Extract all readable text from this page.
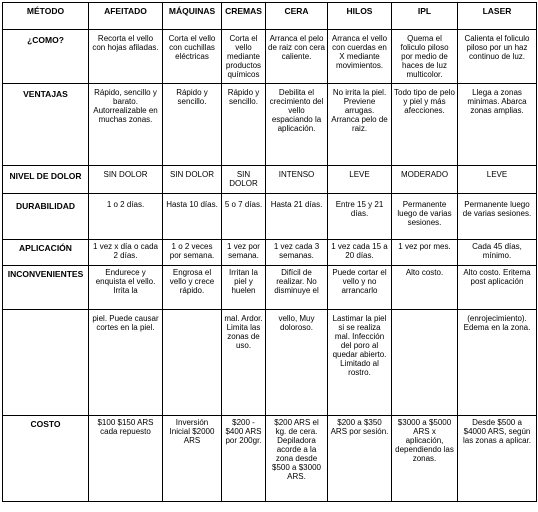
MÉTODO	AFEITADO	MÁQUINAS	CREMAS	CERA	HILOS	IPL	LASER
¿COMO?	Recorta el vello con hojas afiladas.	Corta el vello con cuchillas eléctricas	Corta el vello mediante productos químicos	Arranca el pelo de raiz con cera caliente.	Arranca el vello con cuerdas en X mediante movimientos.	Quema el foliculo piloso por medio de haces de luz multicolor.	Calienta el foliculo piloso por un haz continuo de luz.
VENTAJAS	Rápido, sencillo y barato. Autorrealizable en muchas zonas.	Rápido y sencillo.	Rápido y sencillo.	Debilita el crecimiento del vello espaciando la aplicación.	No irrita la piel. Previene arrugas. Arranca pelo de raiz.	Todo tipo de pelo y piel y más afecciones.	Llega a zonas minimas. Abarca zonas amplias.
NIVEL DE DOLOR	SIN DOLOR	SIN DOLOR	SIN DOLOR	INTENSO	LEVE	MODERADO	LEVE
DURABILIDAD	1 o 2 días.	Hasta 10 días.	5 o 7 días.	Hasta 21 días.	Entre 15 y 21 días.	Permanente luego de varias sesiones.	Permanente luego de varias sesiones.
APLICACIÓN	1 vez x día o cada 2 días.	1 o 2 veces por semana.	1 vez por semana.	1 vez cada 3 semanas.	1 vez cada 15 a 20 días.	1 vez por mes.	Cada 45 días, mínimo.
INCONVENIENTES	Endurece y enquista el vello. Irrita la	Engrosa el vello y crece rápido.	Irritan la piel y huelen	Difícil de realizar. No disminuye el	Puede cortar el vello y no arrancarlo	Alto costo.	Alto costo. Eritema post aplicación
	piel. Puede causar cortes en la piel.		mal. Ardor. Limita las zonas de uso.	vello, Muy doloroso.	Lastimar la piel si se realiza mal. Infección del poro al quedar abierto. Limitado al rostro.		(enrojecimiento). Edema en la zona.
COSTO	$100 $150 ARS cada repuesto	Inversión Inicial $2000 ARS	$200 - $400 ARS por 200gr.	$200 ARS el kg. de cera. Depiladora acorde a la zona desde $500 a $3000 ARS.	$200 a $350 ARS por sesión.	$3000 a $5000 ARS x aplicación, dependiendo las zonas.	Desde $500 a $4000 ARS, según las zonas a aplicar.
